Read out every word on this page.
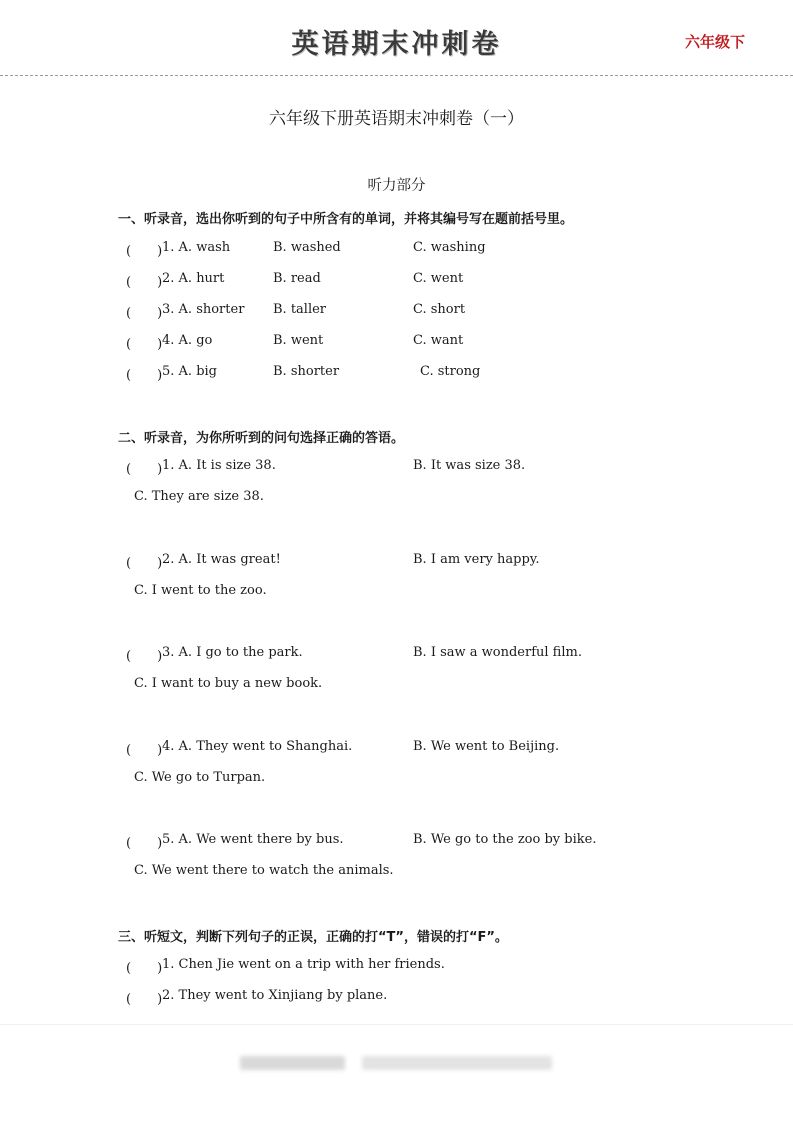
英语期末冲刺卷	六年级下
六年级下册英语期末冲刺卷（一）
听力部分
一、听录音，选出你听到的句子中所含有的单词，并将其编号写在题前括号里。
(　　) 1. A. wash	B. washed	C. washing
(　　) 2. A. hurt	B. read	C. went
(　　) 3. A. shorter B. taller	C. short
(　　) 4. A. go	B. went	C. want
(　　) 5. A. big	B. shorter	C. strong
二、听录音，为你所听到的问句选择正确的答语。
(　　) 1. A. It is size 38.	B. It was size 38.
C. They are size 38.
(　　) 2. A. It was great!	B. I am very happy.
C. I went to the zoo.
(　　) 3. A. I go to the park.	B. I saw a wonderful film.
C. I want to buy a new book.
(　　) 4. A. They went to Shanghai.	B. We went to Beijing.
C. We go to Turpan.
(　　) 5. A. We went there by bus.	B. We go to the zoo by bike.
C. We went there to watch the animals.
三、听短文，判断下列句子的正误，正确的打“T”，错误的打“F”。
(　　) 1. Chen Jie went on a trip with her friends.
(　　) 2. They went to Xinjiang by plane.
